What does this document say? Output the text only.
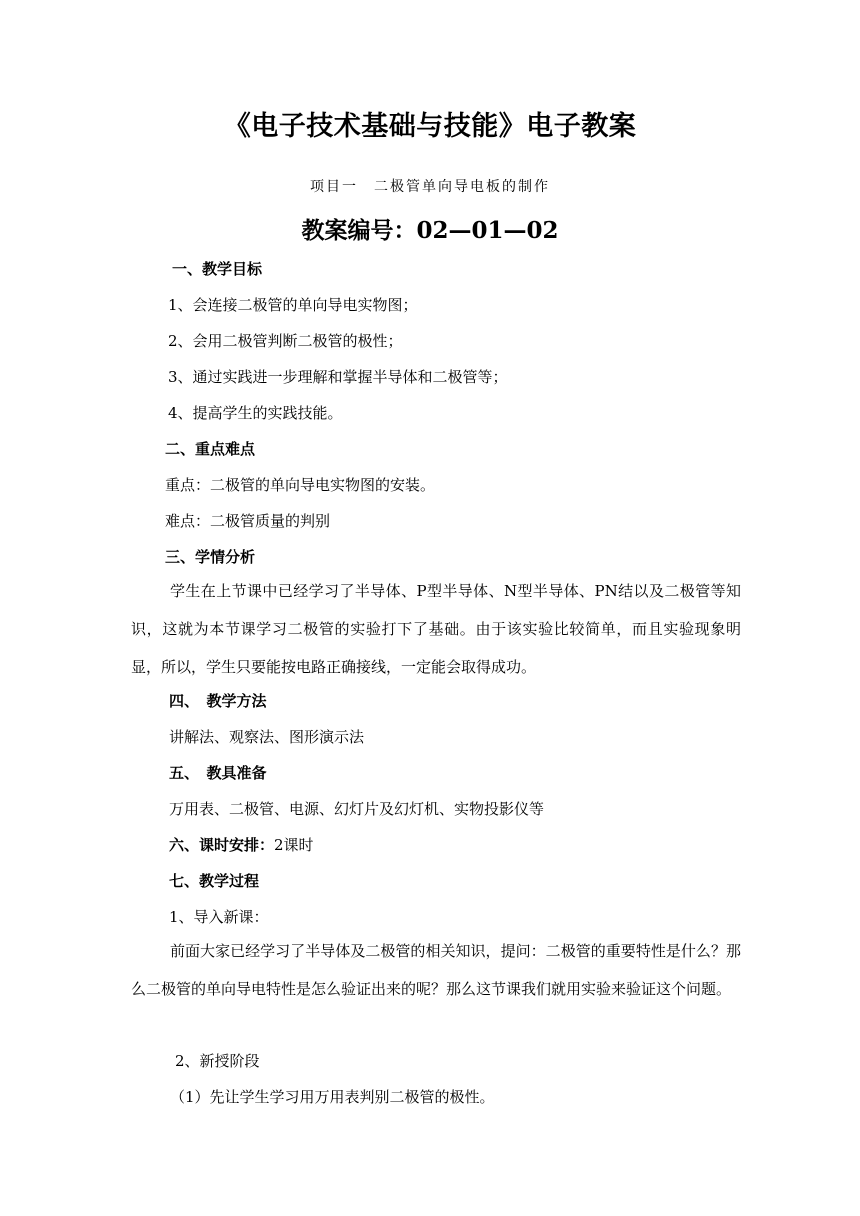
《电子技术基础与技能》电子教案
项目一　二极管单向导电板的制作
教案编号：02—01—02
一、教学目标
1、会连接二极管的单向导电实物图；
2、会用二极管判断二极管的极性；
3、通过实践进一步理解和掌握半导体和二极管等；
4、提高学生的实践技能。
二、重点难点
重点：二极管的单向导电实物图的安装。
难点：二极管质量的判别
三、学情分析
学生在上节课中已经学习了半导体、P型半导体、N型半导体、PN结以及二极管等知识，这就为本节课学习二极管的实验打下了基础。由于该实验比较简单，而且实验现象明显，所以，学生只要能按电路正确接线，一定能会取得成功。
四、　教学方法
讲解法、观察法、图形演示法
五、　教具准备
万用表、二极管、电源、幻灯片及幻灯机、实物投影仪等
六、课时安排：2课时
七、教学过程
1、导入新课：
前面大家已经学习了半导体及二极管的相关知识，提问：二极管的重要特性是什么？那么二极管的单向导电特性是怎么验证出来的呢？那么这节课我们就用实验来验证这个问题。
2、新授阶段
（1）先让学生学习用万用表判别二极管的极性。
